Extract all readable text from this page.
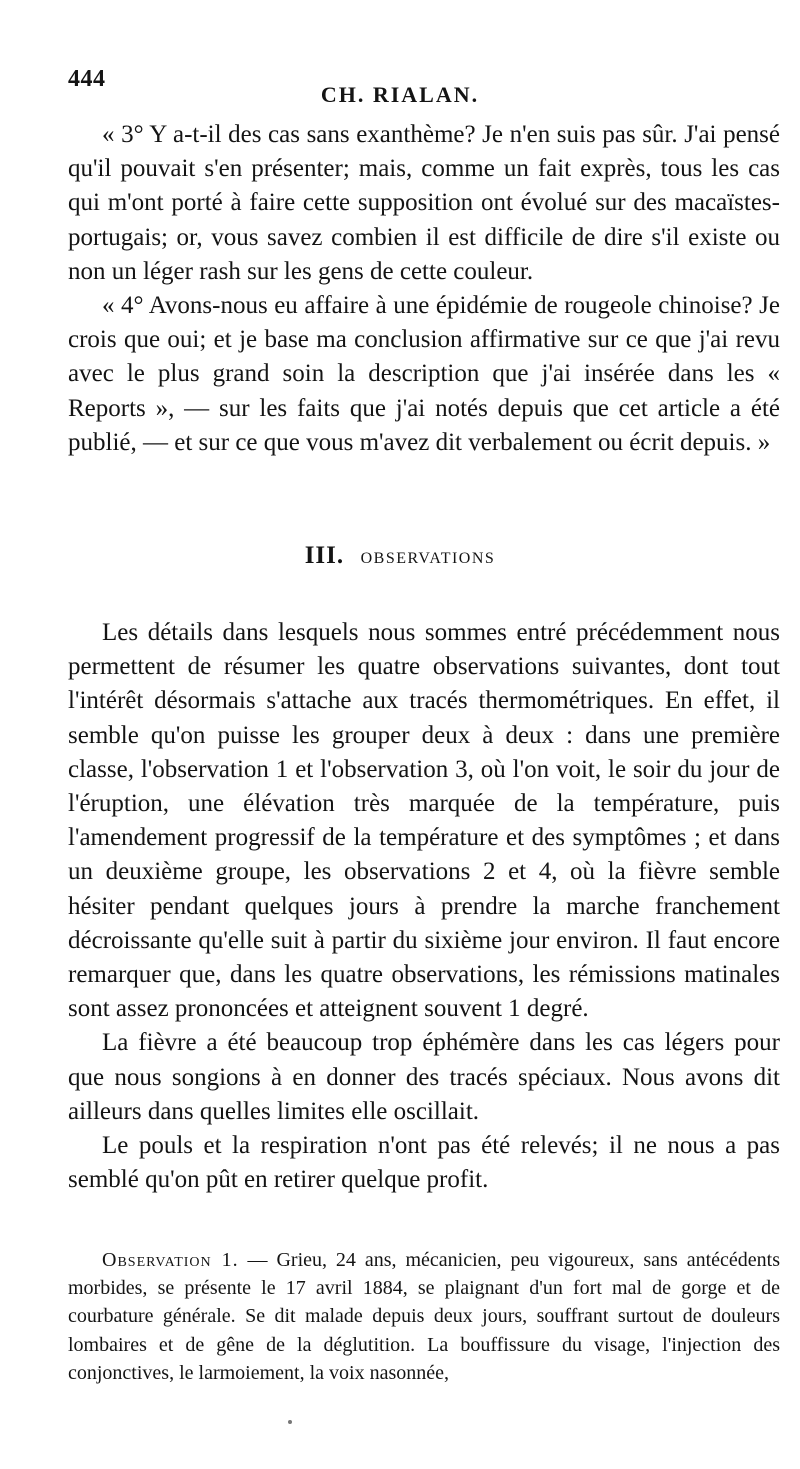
444
CH. RIALAN.

« 3° Y a-t-il des cas sans exanthème? Je n'en suis pas sûr. J'ai pensé qu'il pouvait s'en présenter; mais, comme un fait exprès, tous les cas qui m'ont porté à faire cette supposition ont évolué sur des macaïstes-portugais; or, vous savez combien il est difficile de dire s'il existe ou non un léger rash sur les gens de cette couleur.

« 4° Avons-nous eu affaire à une épidémie de rougeole chinoise? Je crois que oui; et je base ma conclusion affirmative sur ce que j'ai revu avec le plus grand soin la description que j'ai insérée dans les « Reports », — sur les faits que j'ai notés depuis que cet article a été publié, — et sur ce que vous m'avez dit verbalement ou écrit depuis. »

III. OBSERVATIONS

Les détails dans lesquels nous sommes entré précédemment nous permettent de résumer les quatre observations suivantes, dont tout l'intérêt désormais s'attache aux tracés thermométriques. En effet, il semble qu'on puisse les grouper deux à deux : dans une première classe, l'observation 1 et l'observation 3, où l'on voit, le soir du jour de l'éruption, une élévation très marquée de la température, puis l'amendement progressif de la température et des symptômes ; et dans un deuxième groupe, les observations 2 et 4, où la fièvre semble hésiter pendant quelques jours à prendre la marche franchement décroissante qu'elle suit à partir du sixième jour environ. Il faut encore remarquer que, dans les quatre observations, les rémissions matinales sont assez prononcées et atteignent souvent 1 degré.

La fièvre a été beaucoup trop éphémère dans les cas légers pour que nous songions à en donner des tracés spéciaux. Nous avons dit ailleurs dans quelles limites elle oscillait.

Le pouls et la respiration n'ont pas été relevés; il ne nous a pas semblé qu'on pût en retirer quelque profit.

Observation 1. — Grieu, 24 ans, mécanicien, peu vigoureux, sans antécédents morbides, se présente le 17 avril 1884, se plaignant d'un fort mal de gorge et de courbature générale. Se dit malade depuis deux jours, souffrant surtout de douleurs lombaires et de gêne de la déglutition. La bouffissure du visage, l'injection des conjonctives, le larmoiement, la voix nasonnée,
